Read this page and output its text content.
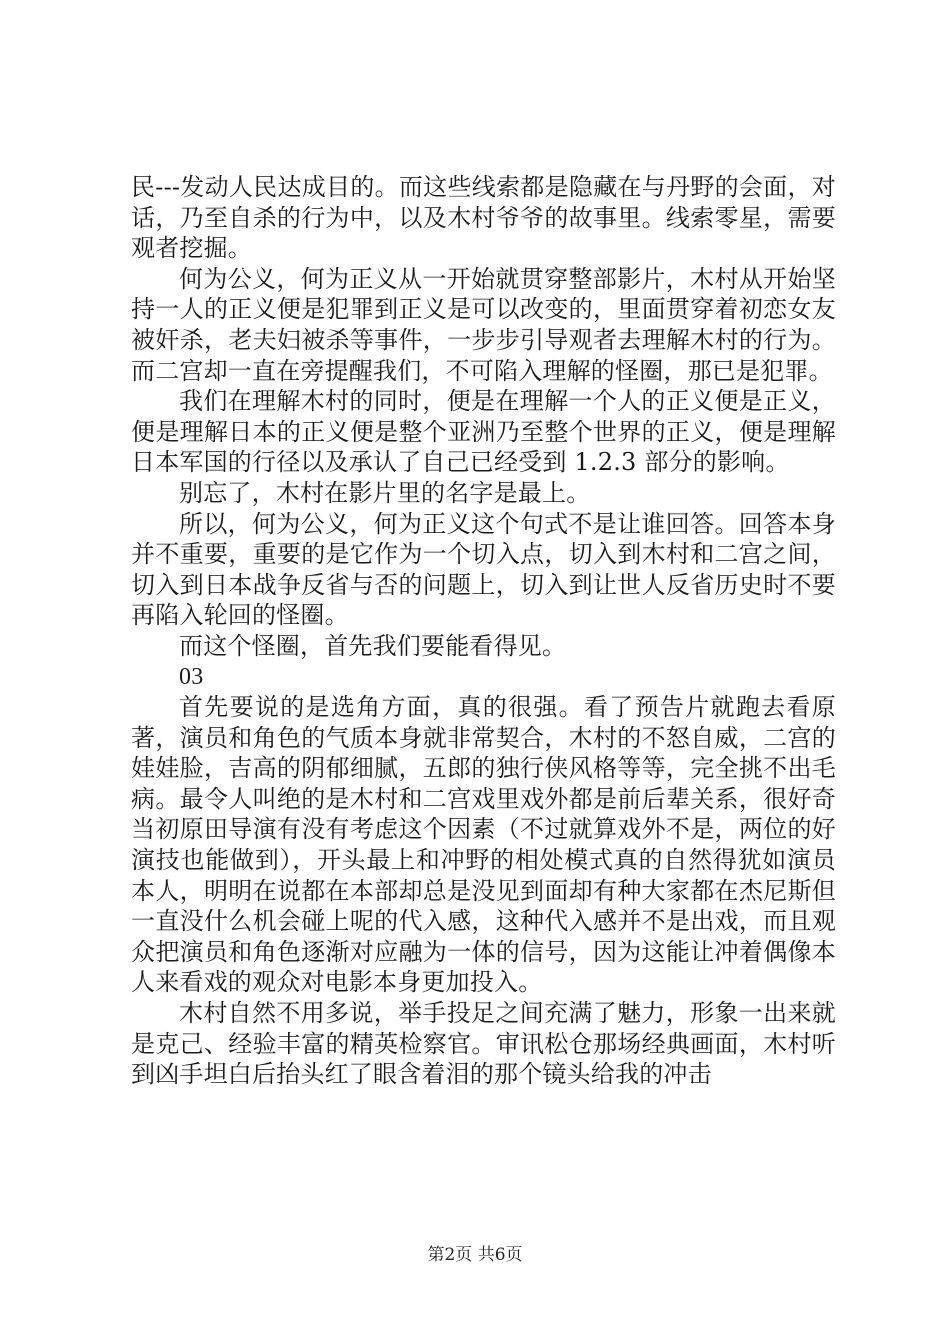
民---发动人民达成目的。而这些线索都是隐藏在与丹野的会面，对话，乃至自杀的行为中，以及木村爷爷的故事里。线索零星，需要观者挖掘。

何为公义，何为正义从一开始就贯穿整部影片，木村从开始坚持一人的正义便是犯罪到正义是可以改变的，里面贯穿着初恋女友被奸杀，老夫妇被杀等事件，一步步引导观者去理解木村的行为。而二宫却一直在旁提醒我们，不可陷入理解的怪圈，那已是犯罪。

我们在理解木村的同时，便是在理解一个人的正义便是正义，便是理解日本的正义便是整个亚洲乃至整个世界的正义，便是理解日本军国的行径以及承认了自己已经受到 1.2.3 部分的影响。

别忘了，木村在影片里的名字是最上。

所以，何为公义，何为正义这个句式不是让谁回答。回答本身并不重要，重要的是它作为一个切入点，切入到木村和二宫之间，切入到日本战争反省与否的问题上，切入到让世人反省历史时不要再陷入轮回的怪圈。

而这个怪圈，首先我们要能看得见。

03

首先要说的是选角方面，真的很强。看了预告片就跑去看原著，演员和角色的气质本身就非常契合，木村的不怒自威，二宫的娃娃脸，吉高的阴郁细腻，五郎的独行侠风格等等，完全挑不出毛病。最令人叫绝的是木村和二宫戏里戏外都是前后辈关系，很好奇当初原田导演有没有考虑这个因素（不过就算戏外不是，两位的好演技也能做到），开头最上和冲野的相处模式真的自然得犹如演员本人，明明在说都在本部却总是没见到面却有种大家都在杰尼斯但一直没什么机会碰上呢的代入感，这种代入感并不是出戏，而且观众把演员和角色逐渐对应融为一体的信号，因为这能让冲着偶像本人来看戏的观众对电影本身更加投入。

木村自然不用多说，举手投足之间充满了魅力，形象一出来就是克己、经验丰富的精英检察官。审讯松仓那场经典画面，木村听到凶手坦白后抬头红了眼含着泪的那个镜头给我的冲击

第2页 共6页
